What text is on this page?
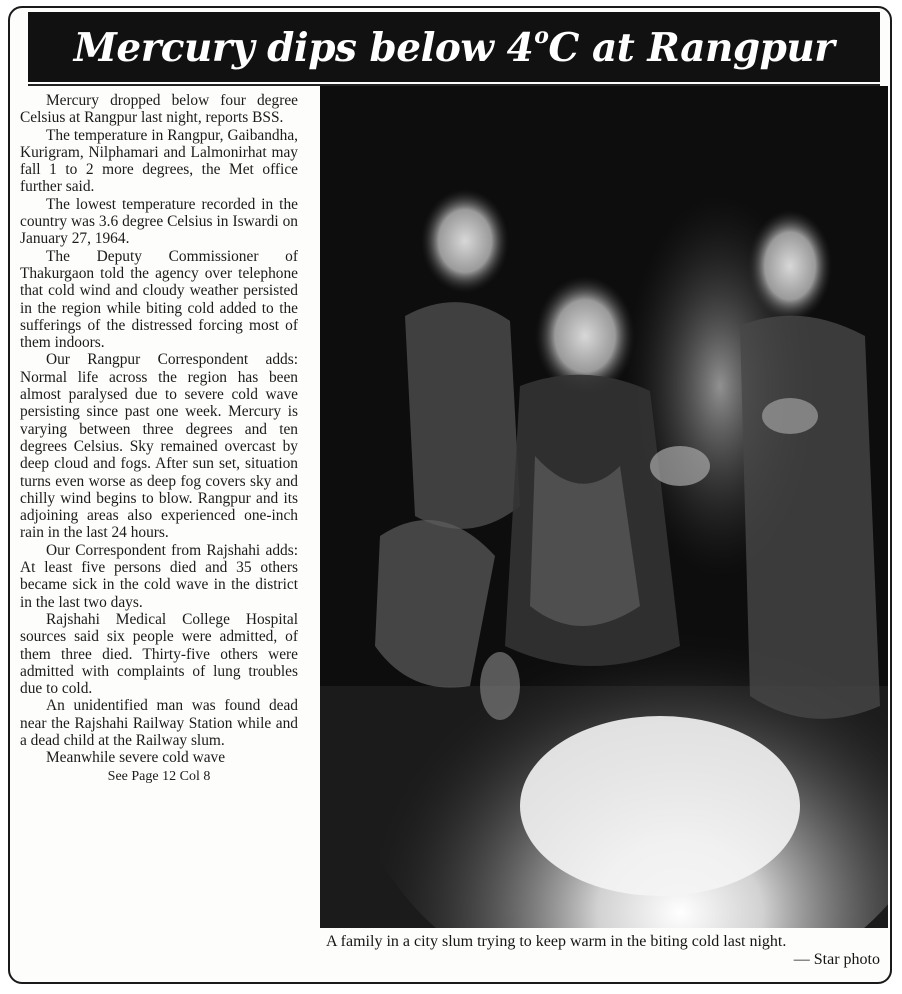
Mercury dips below 4$^o$C at Rangpur

Mercury dropped below four degree Celsius at Rangpur last night, reports BSS.

The temperature in Rangpur, Gaibandha, Kurigram, Nilphamari and Lalmonirhat may fall 1 to 2 more degrees, the Met office further said.

The lowest temperature recorded in the country was 3.6 degree Celsius in Iswardi on January 27, 1964.

The Deputy Commissioner of Thakurgaon told the agency over telephone that cold wind and cloudy weather persisted in the region while biting cold added to the sufferings of the distressed forcing most of them indoors.

Our Rangpur Correspondent adds: Normal life across the region has been almost paralysed due to severe cold wave persisting since past one week. Mercury is varying between three degrees and ten degrees Celsius. Sky remained overcast by deep cloud and fogs. After sun set, situation turns even worse as deep fog covers sky and chilly wind begins to blow. Rangpur and its adjoining areas also experienced one-inch rain in the last 24 hours.

Our Correspondent from Rajshahi adds: At least five persons died and 35 others became sick in the cold wave in the district in the last two days.

Rajshahi Medical College Hospital sources said six people were admitted, of them three died. Thirty-five others were admitted with complaints of lung troubles due to cold.

An unidentified man was found dead near the Rajshahi Railway Station while and a dead child at the Railway slum.

Meanwhile severe cold wave

See Page 12 Col 8

A family in a city slum trying to keep warm in the biting cold last night.
— Star photo
